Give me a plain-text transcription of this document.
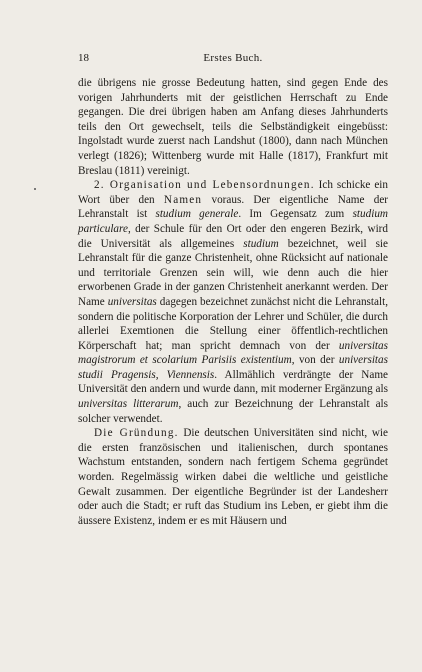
18	Erstes Buch.

die übrigens nie grosse Bedeutung hatten, sind gegen Ende des vorigen Jahrhunderts mit der geistlichen Herrschaft zu Ende gegangen. Die drei übrigen haben am Anfang dieses Jahrhunderts teils den Ort gewechselt, teils die Selbständigkeit eingebüsst: Ingolstadt wurde zuerst nach Landshut (1800), dann nach München verlegt (1826); Wittenberg wurde mit Halle (1817), Frankfurt mit Breslau (1811) vereinigt.

2. Organisation und Lebensordnungen. Ich schicke ein Wort über den Namen voraus. Der eigentliche Name der Lehranstalt ist studium generale. Im Gegensatz zum studium particulare, der Schule für den Ort oder den engeren Bezirk, wird die Universität als allgemeines studium bezeichnet, weil sie Lehranstalt für die ganze Christenheit, ohne Rücksicht auf nationale und territoriale Grenzen sein will, wie denn auch die hier erworbenen Grade in der ganzen Christenheit anerkannt werden. Der Name universitas dagegen bezeichnet zunächst nicht die Lehranstalt, sondern die politische Korporation der Lehrer und Schüler, die durch allerlei Exemtionen die Stellung einer öffentlich-rechtlichen Körperschaft hat; man spricht demnach von der universitas magistrorum et scolarium Parisiis existentium, von der universitas studii Pragensis, Viennensis. Allmählich verdrängte der Name Universität den andern und wurde dann, mit moderner Ergänzung als universitas litterarum, auch zur Bezeichnung der Lehranstalt als solcher verwendet.

Die Gründung. Die deutschen Universitäten sind nicht, wie die ersten französischen und italienischen, durch spontanes Wachstum entstanden, sondern nach fertigem Schema gegründet worden. Regelmässig wirken dabei die weltliche und geistliche Gewalt zusammen. Der eigentliche Begründer ist der Landesherr oder auch die Stadt; er ruft das Studium ins Leben, er giebt ihm die äussere Existenz, indem er es mit Häusern und
